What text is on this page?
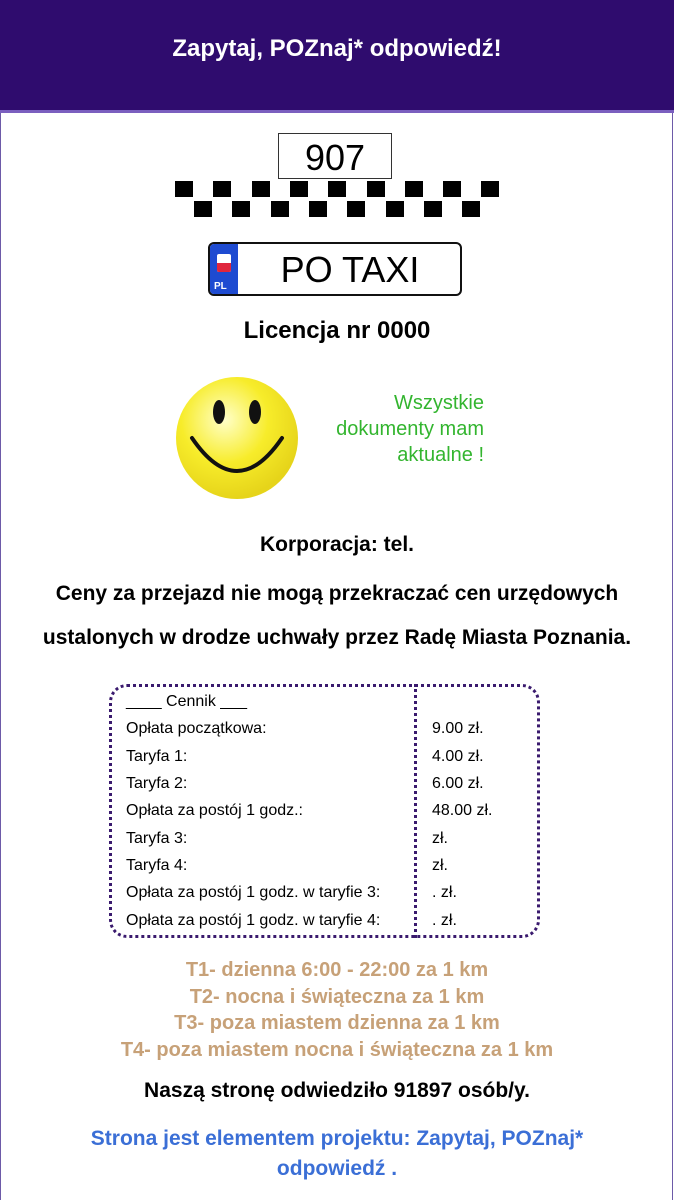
Zapytaj, POZnaj* odpowiedź!
907
PL	PO TAXI
Licencja nr 0000
Wszystkie
dokumenty mam
aktualne !
Korporacja: tel.
Ceny za przejazd nie mogą przekraczać cen urzędowych
ustalonych w drodze uchwały przez Radę Miasta Poznania.
____ Cennik ___
Opłata początkowa:	9.00 zł.
Taryfa 1:	4.00 zł.
Taryfa 2:	6.00 zł.
Opłata za postój 1 godz.:	48.00 zł.
Taryfa 3:	zł.
Taryfa 4:	zł.
Opłata za postój 1 godz. w taryfie 3:	. zł.
Opłata za postój 1 godz. w taryfie 4:	. zł.
T1- dzienna 6:00 - 22:00 za 1 km
T2- nocna i świąteczna za 1 km
T3- poza miastem dzienna za 1 km
T4- poza miastem nocna i świąteczna za 1 km
Naszą stronę odwiedziło 91897 osób/y.
Strona jest elementem projektu: Zapytaj, POZnaj*
odpowiedź .
